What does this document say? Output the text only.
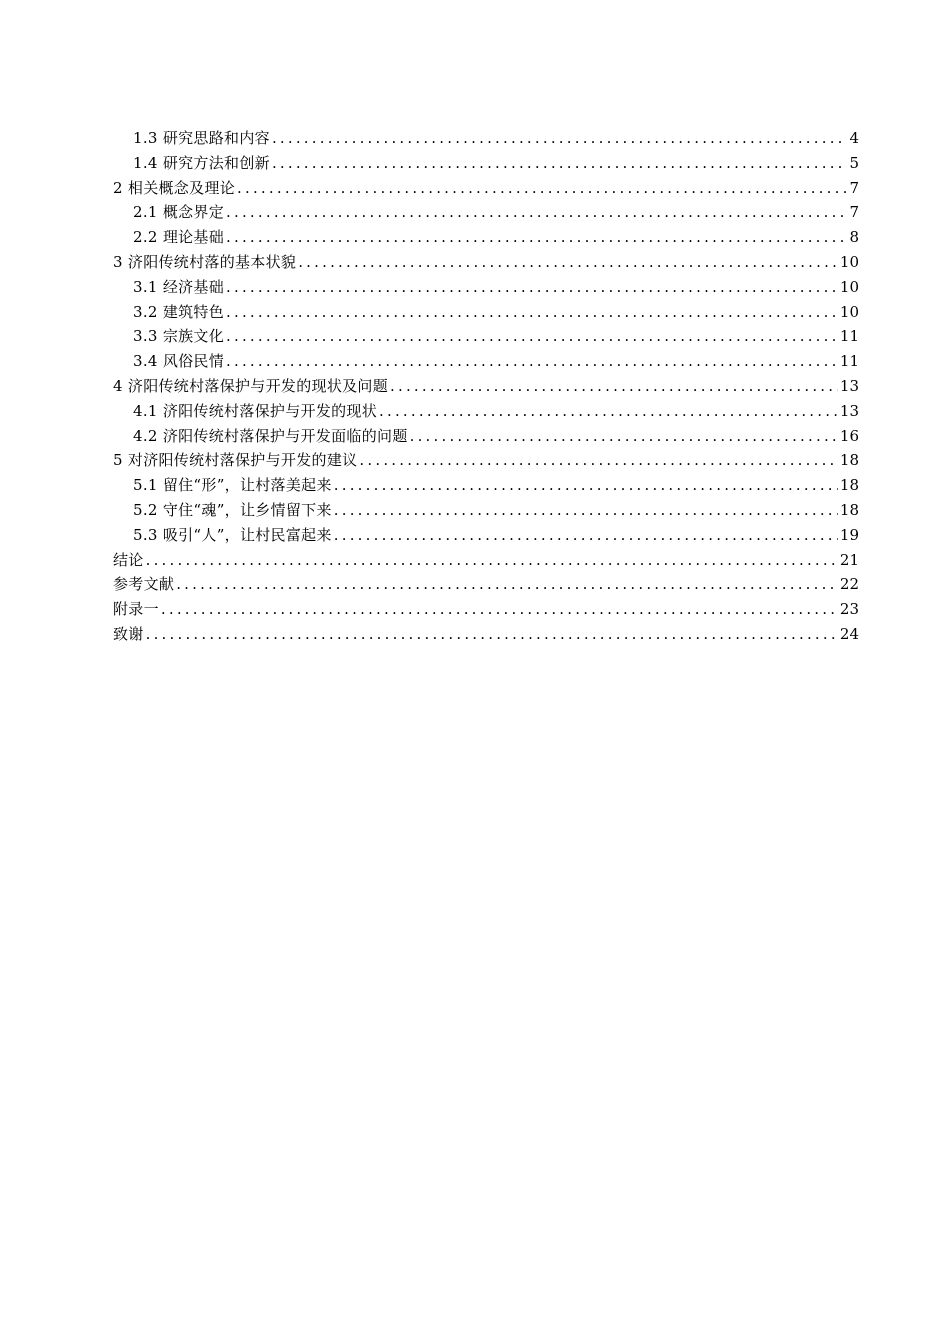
1.3 研究思路和内容 .....	4
1.4 研究方法和创新 .....	5
2 相关概念及理论 .....	7
2.1 概念界定 .....	7
2.2 理论基础 .....	8
3 济阳传统村落的基本状貌 .....	10
3.1 经济基础 .....	10
3.2 建筑特色 .....	10
3.3 宗族文化 .....	11
3.4 风俗民情 .....	11
4 济阳传统村落保护与开发的现状及问题 .....	13
4.1 济阳传统村落保护与开发的现状 .....	13
4.2 济阳传统村落保护与开发面临的问题 .....	16
5 对济阳传统村落保护与开发的建议 .....	18
5.1 留住“形”，让村落美起来 .....	18
5.2 守住“魂”，让乡情留下来 .....	18
5.3 吸引“人”，让村民富起来 .....	19
结论 .....	21
参考文献 .....	22
附录一 .....	23
致谢 .....	24
